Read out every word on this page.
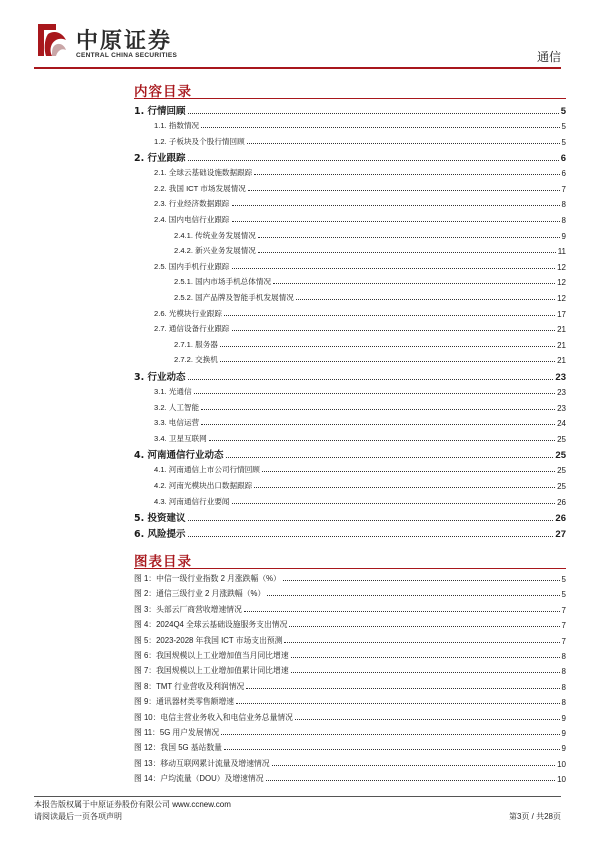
中原证券
CENTRAL CHINA SECURITIES	通信
内容目录
1. 行情回顾	5
1.1. 指数情况	5
1.2. 子板块及个股行情回顾	5
2. 行业跟踪	6
2.1. 全球云基础设施数据跟踪	6
2.2. 我国 ICT 市场发展情况	7
2.3. 行业经济数据跟踪	8
2.4. 国内电信行业跟踪	8
2.4.1. 传统业务发展情况	9
2.4.2. 新兴业务发展情况	11
2.5. 国内手机行业跟踪	12
2.5.1. 国内市场手机总体情况	12
2.5.2. 国产品牌及智能手机发展情况	12
2.6. 光模块行业跟踪	17
2.7. 通信设备行业跟踪	21
2.7.1. 服务器	21
2.7.2. 交换机	21
3. 行业动态	23
3.1. 光通信	23
3.2. 人工智能	23
3.3. 电信运营	24
3.4. 卫星互联网	25
4. 河南通信行业动态	25
4.1. 河南通信上市公司行情回顾	25
4.2. 河南光模块出口数据跟踪	25
4.3. 河南通信行业要闻	26
5. 投资建议	26
6. 风险提示	27
图表目录
图 1：中信一级行业指数 2 月涨跌幅（%）	5
图 2：通信三级行业 2 月涨跌幅（%）	5
图 3：头部云厂商营收增速情况	7
图 4：2024Q4 全球云基础设施服务支出情况	7
图 5：2023-2028 年我国 ICT 市场支出预测	7
图 6：我国规模以上工业增加值当月同比增速	8
图 7：我国规模以上工业增加值累计同比增速	8
图 8：TMT 行业营收及利润情况	8
图 9：通讯器材类零售额增速	8
图 10：电信主营业务收入和电信业务总量情况	9
图 11：5G 用户发展情况	9
图 12：我国 5G 基站数量	9
图 13：移动互联网累计流量及增速情况	10
图 14：户均流量（DOU）及增速情况	10
本报告版权属于中原证券股份有限公司 www.ccnew.com
请阅读最后一页各项声明	第3页 / 共28页
